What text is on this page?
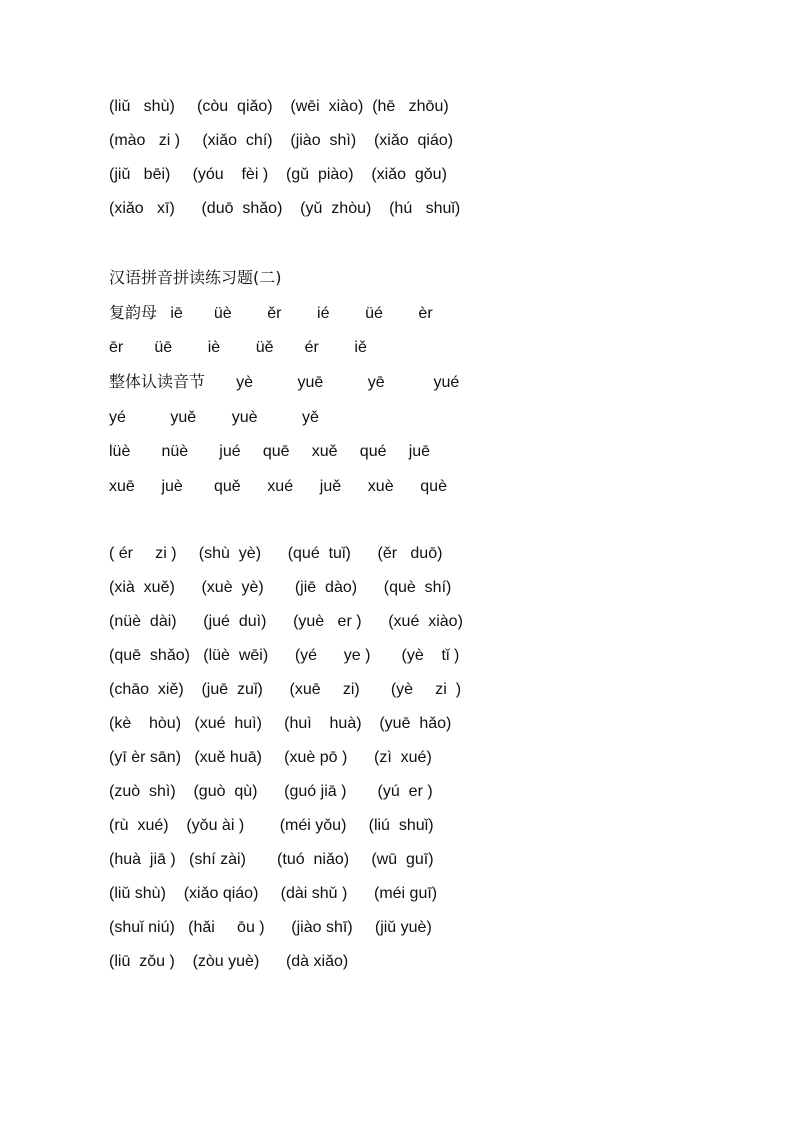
(liǔ   shù)     (còu  qiǎo)    (wēi  xiào)  (hē   zhōu)

(mào   zi )     (xiǎo  chí)    (jiào  shì)    (xiǎo  qiáo)

(jiǔ   bēi)     (yóu    fèi )    (gǔ  piào)    (xiǎo  gǒu)

(xiǎo   xī)      (duō  shǎo)    (yǔ  zhòu)    (hú   shuǐ)

汉语拼音拼读练习题(二)

复韵母   iē       üè        ěr        ié        üé        èr

ēr       üē        iè        üě       ér        iě

整体认读音节       yè          yuē          yē           yué

yé          yuě        yuè          yě

lüè       nüè       jué     quē     xuě     qué     juē

xuē      juè       quě      xué      juě      xuè      què

( ér     zi )     (shù  yè)      (qué  tuǐ)      (ěr   duō)

(xià  xuě)      (xuè  yè)       (jiē  dào)      (què  shí)

(nüè  dài)      (jué  duì)      (yuè   er )      (xué  xiào)

(quē  shǎo)   (lüè  wēi)      (yé      ye )       (yè    tǐ )

(chāo  xiě)    (juē  zuǐ)      (xuē     zi)       (yè     zi  )

(kè    hòu)   (xué  huì)     (huì    huà)    (yuē  hǎo)

(yī èr sān)   (xuě huā)     (xuè pō )      (zì  xué)

(zuò  shì)    (guò  qù)      (guó jiā )       (yú  er )

(rù  xué)    (yǒu ài )        (méi yǒu)     (liú  shuǐ)

(huà  jiā )   (shí zài)       (tuó  niǎo)     (wū  guī)

(liǔ shù)    (xiǎo qiáo)     (dài shǔ )      (méi guī)

(shuǐ niú)   (hǎi     ōu )      (jiào shī)     (jiǔ yuè)

(liū  zǒu )    (zòu yuè)      (dà xiǎo)
